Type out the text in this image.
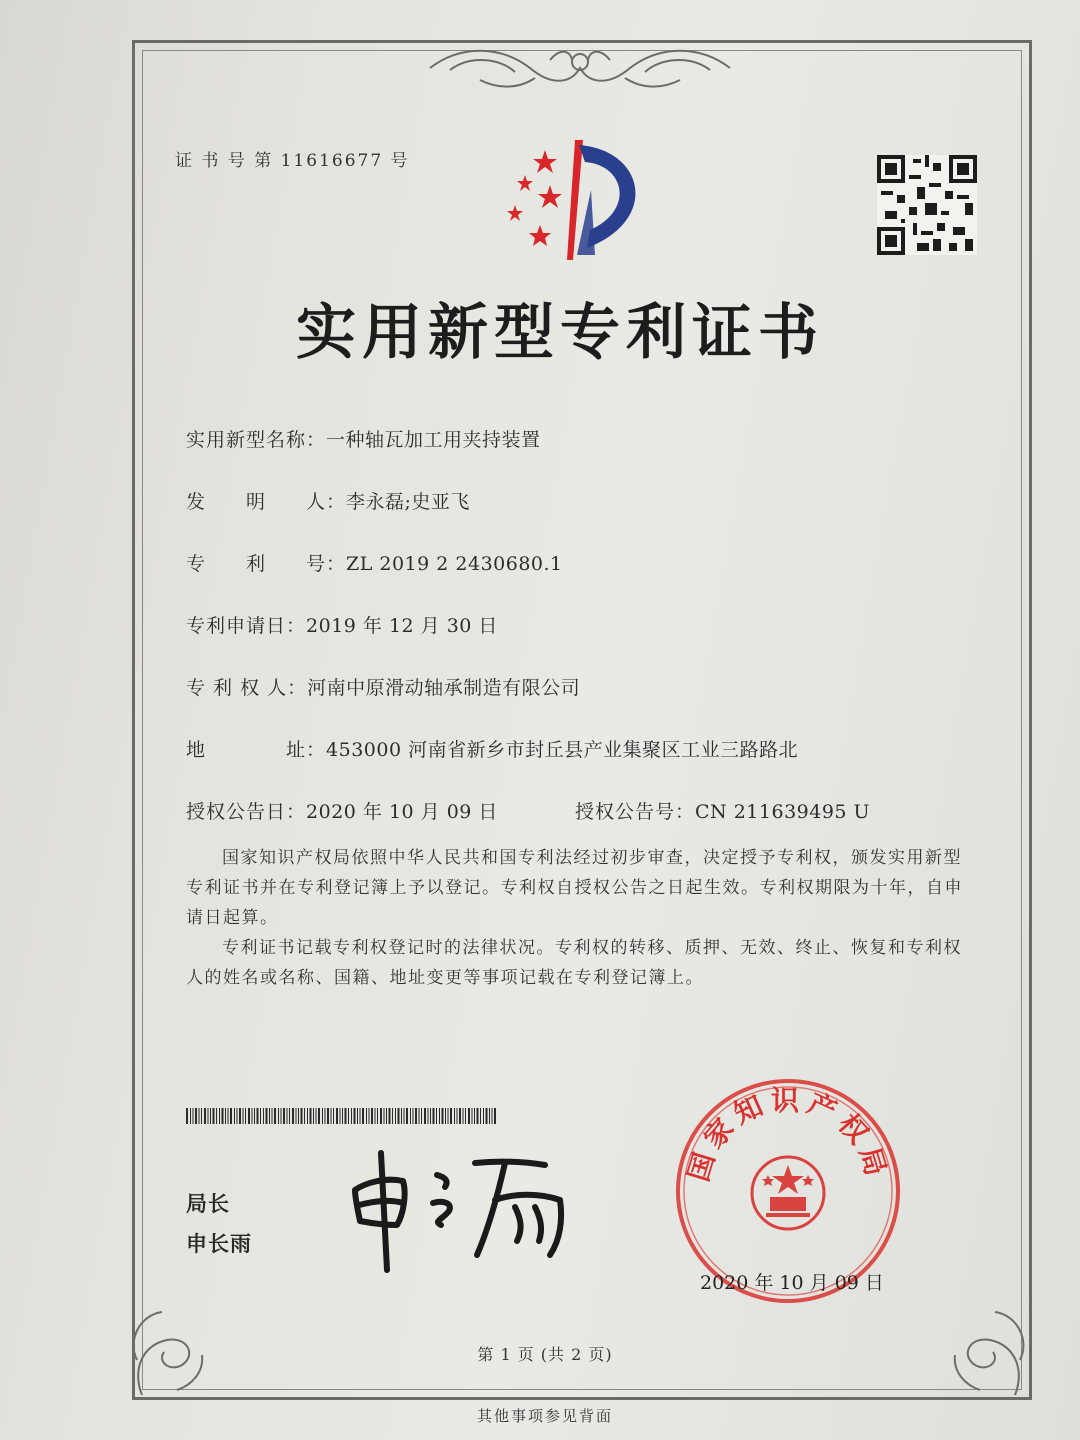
证 书 号 第 11616677 号
实用新型专利证书
实用新型名称：一种轴瓦加工用夹持装置
发　　明　　人：李永磊;史亚飞
专　　利　　号：ZL 2019 2 2430680.1
专利申请日：2019 年 12 月 30 日
专 利 权 人：河南中原滑动轴承制造有限公司
地　　　　址：453000 河南省新乡市封丘县产业集聚区工业三路路北
授权公告日：2020 年 10 月 09 日	授权公告号：CN 211639495 U
国家知识产权局依照中华人民共和国专利法经过初步审查，决定授予专利权，颁发实用新型专利证书并在专利登记簿上予以登记。专利权自授权公告之日起生效。专利权期限为十年，自申请日起算。
专利证书记载专利权登记时的法律状况。专利权的转移、质押、无效、终止、恢复和专利权人的姓名或名称、国籍、地址变更等事项记载在专利登记簿上。
局长
申长雨
国家知识产权局
2020 年 10 月 09 日
第 1 页 (共 2 页)
其他事项参见背面
